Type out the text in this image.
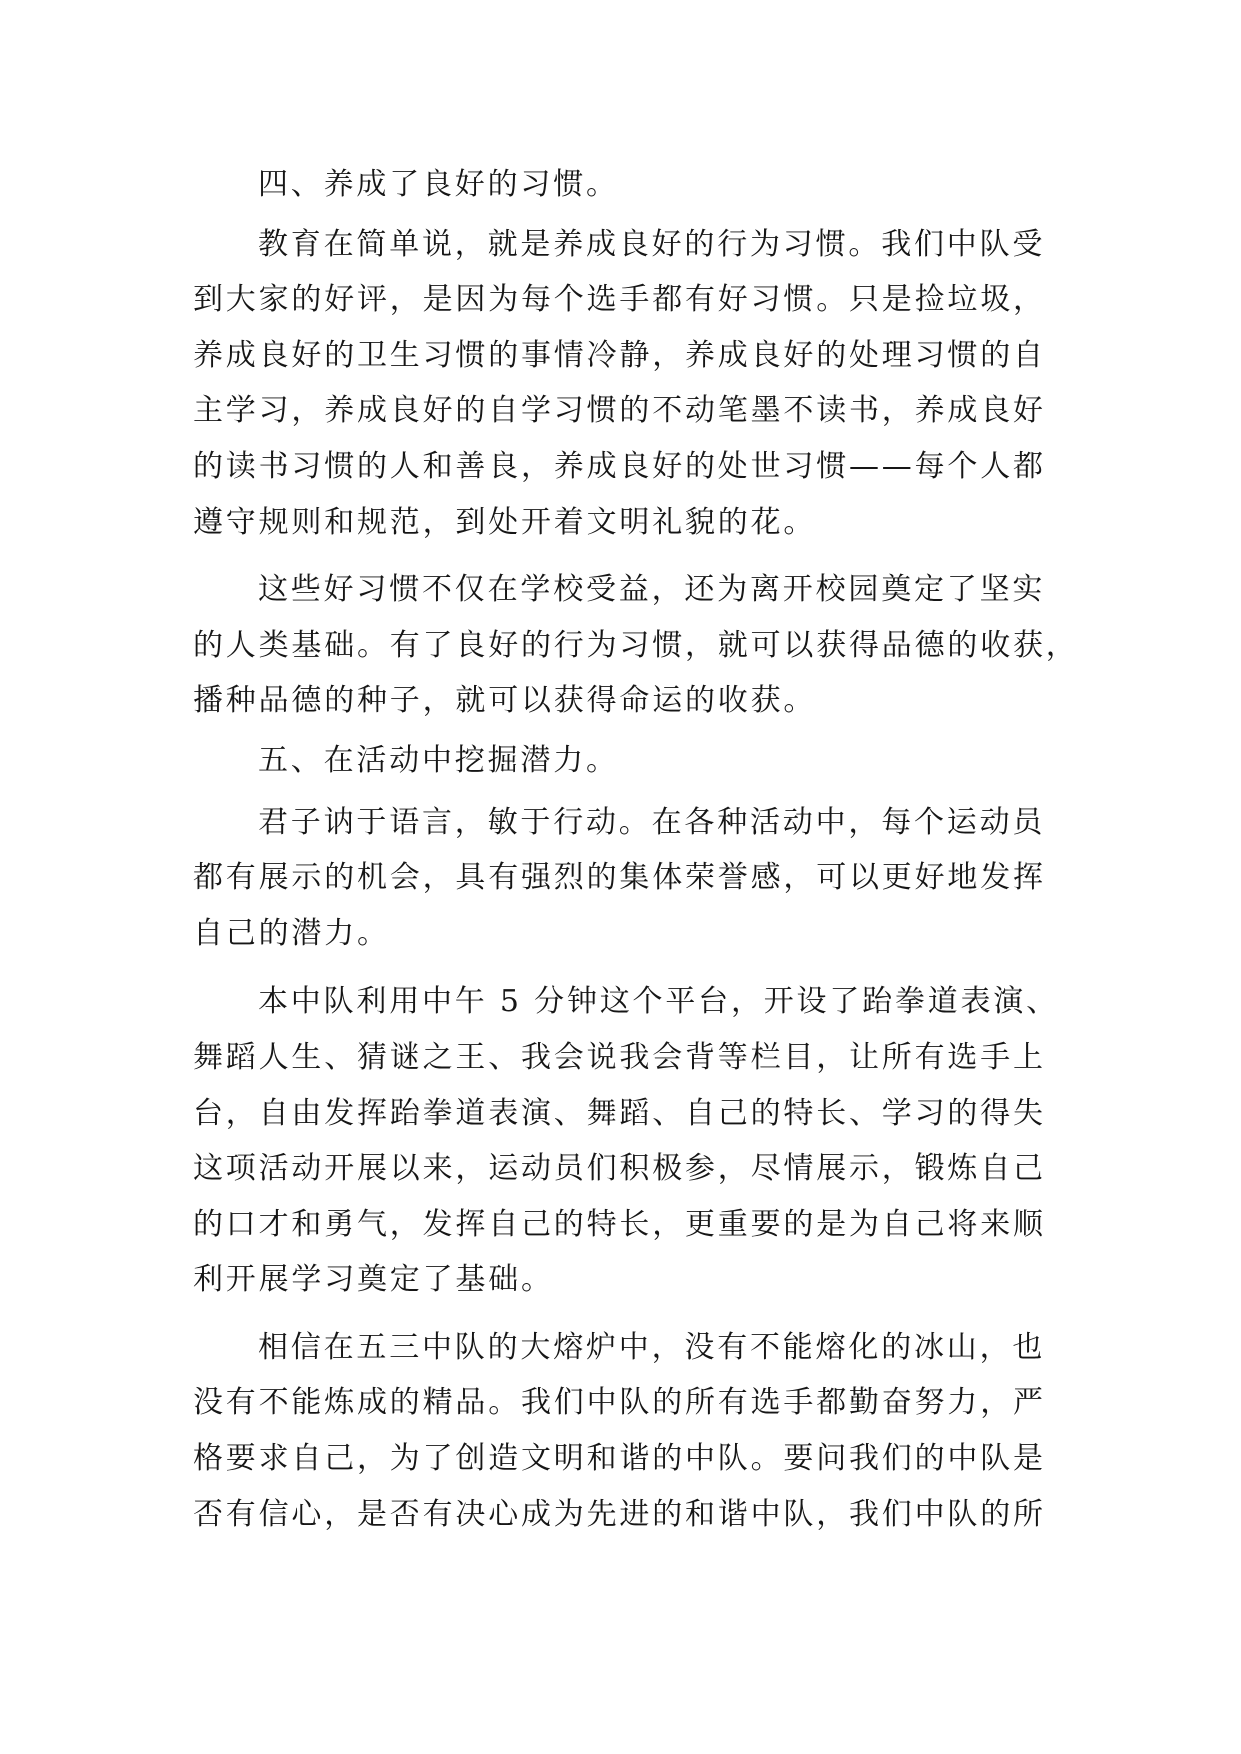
四、养成了良好的习惯。
教育在简单说，就是养成良好的行为习惯。我们中队受
到大家的好评，是因为每个选手都有好习惯。只是捡垃圾，
养成良好的卫生习惯的事情冷静，养成良好的处理习惯的自
主学习，养成良好的自学习惯的不动笔墨不读书，养成良好
的读书习惯的人和善良，养成良好的处世习惯——每个人都
遵守规则和规范，到处开着文明礼貌的花。
这些好习惯不仅在学校受益，还为离开校园奠定了坚实
的人类基础。有了良好的行为习惯，就可以获得品德的收获，
播种品德的种子，就可以获得命运的收获。
五、在活动中挖掘潜力。
君子讷于语言，敏于行动。在各种活动中，每个运动员
都有展示的机会，具有强烈的集体荣誉感，可以更好地发挥
自己的潜力。
本中队利用中午 5 分钟这个平台，开设了跆拳道表演、
舞蹈人生、猜谜之王、我会说我会背等栏目，让所有选手上
台，自由发挥跆拳道表演、舞蹈、自己的特长、学习的得失
这项活动开展以来，运动员们积极参，尽情展示，锻炼自己
的口才和勇气，发挥自己的特长，更重要的是为自己将来顺
利开展学习奠定了基础。
相信在五三中队的大熔炉中，没有不能熔化的冰山，也
没有不能炼成的精品。我们中队的所有选手都勤奋努力，严
格要求自己，为了创造文明和谐的中队。要问我们的中队是
否有信心，是否有决心成为先进的和谐中队，我们中队的所
